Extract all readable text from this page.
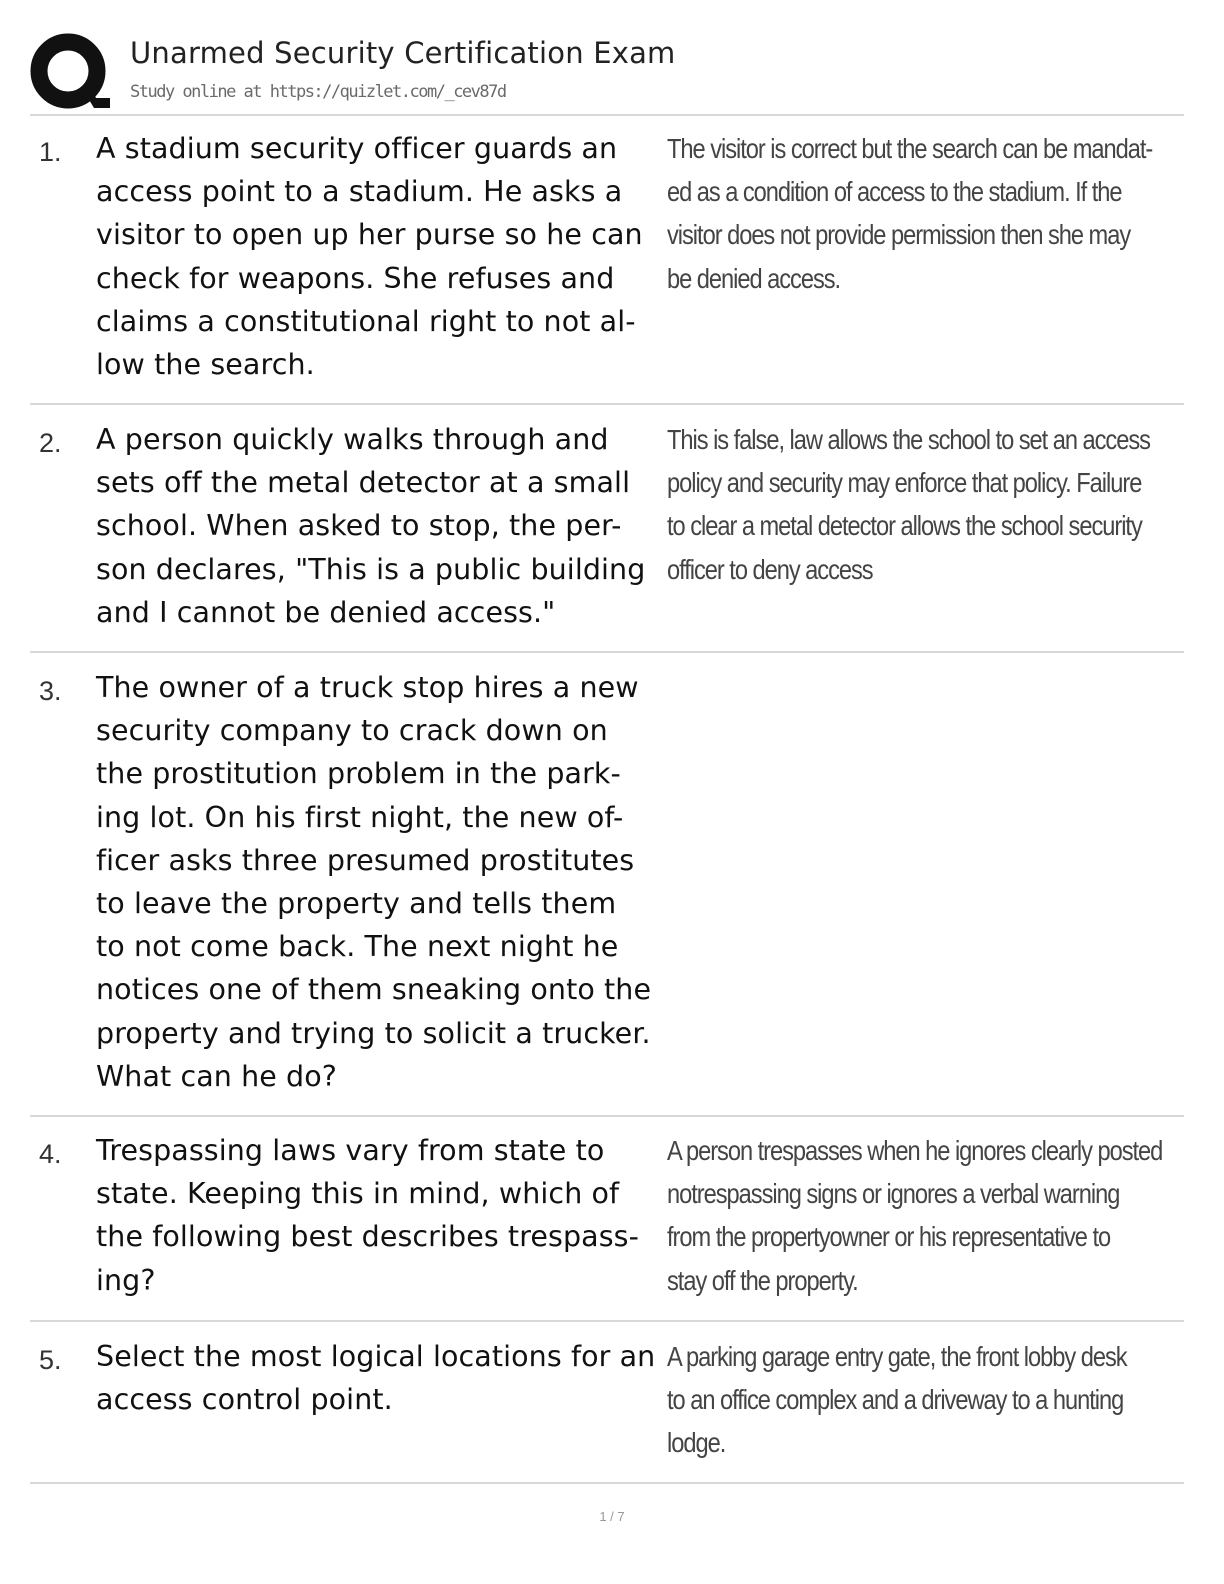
Unarmed Security Certification Exam
Study online at https://quizlet.com/_cev87d
1. A stadium security officer guards an
access point to a stadium. He asks a
visitor to open up her purse so he can
check for weapons. She refuses and
claims a constitutional right to not al-
low the search.
The visitor is correct but the search can be mandat-
ed as a condition of access to the stadium. If the
visitor does not provide permission then she may
be denied access.
2. A person quickly walks through and
sets off the metal detector at a small
school. When asked to stop, the per-
son declares, "This is a public building
and I cannot be denied access."
This is false, law allows the school to set an access
policy and security may enforce that policy. Failure
to clear a metal detector allows the school security
officer to deny access
3. The owner of a truck stop hires a new
security company to crack down on
the prostitution problem in the park-
ing lot. On his first night, the new of-
ficer asks three presumed prostitutes
to leave the property and tells them
to not come back. The next night he
notices one of them sneaking onto the
property and trying to solicit a trucker.
What can he do?
4. Trespassing laws vary from state to
state. Keeping this in mind, which of
the following best describes trespass-
ing?
A person trespasses when he ignores clearly posted
notrespassing signs or ignores a verbal warning
from the propertyowner or his representative to
stay off the property.
5. Select the most logical locations for an
access control point.
A parking garage entry gate, the front lobby desk
to an office complex and a driveway to a hunting
lodge.
1 / 7
